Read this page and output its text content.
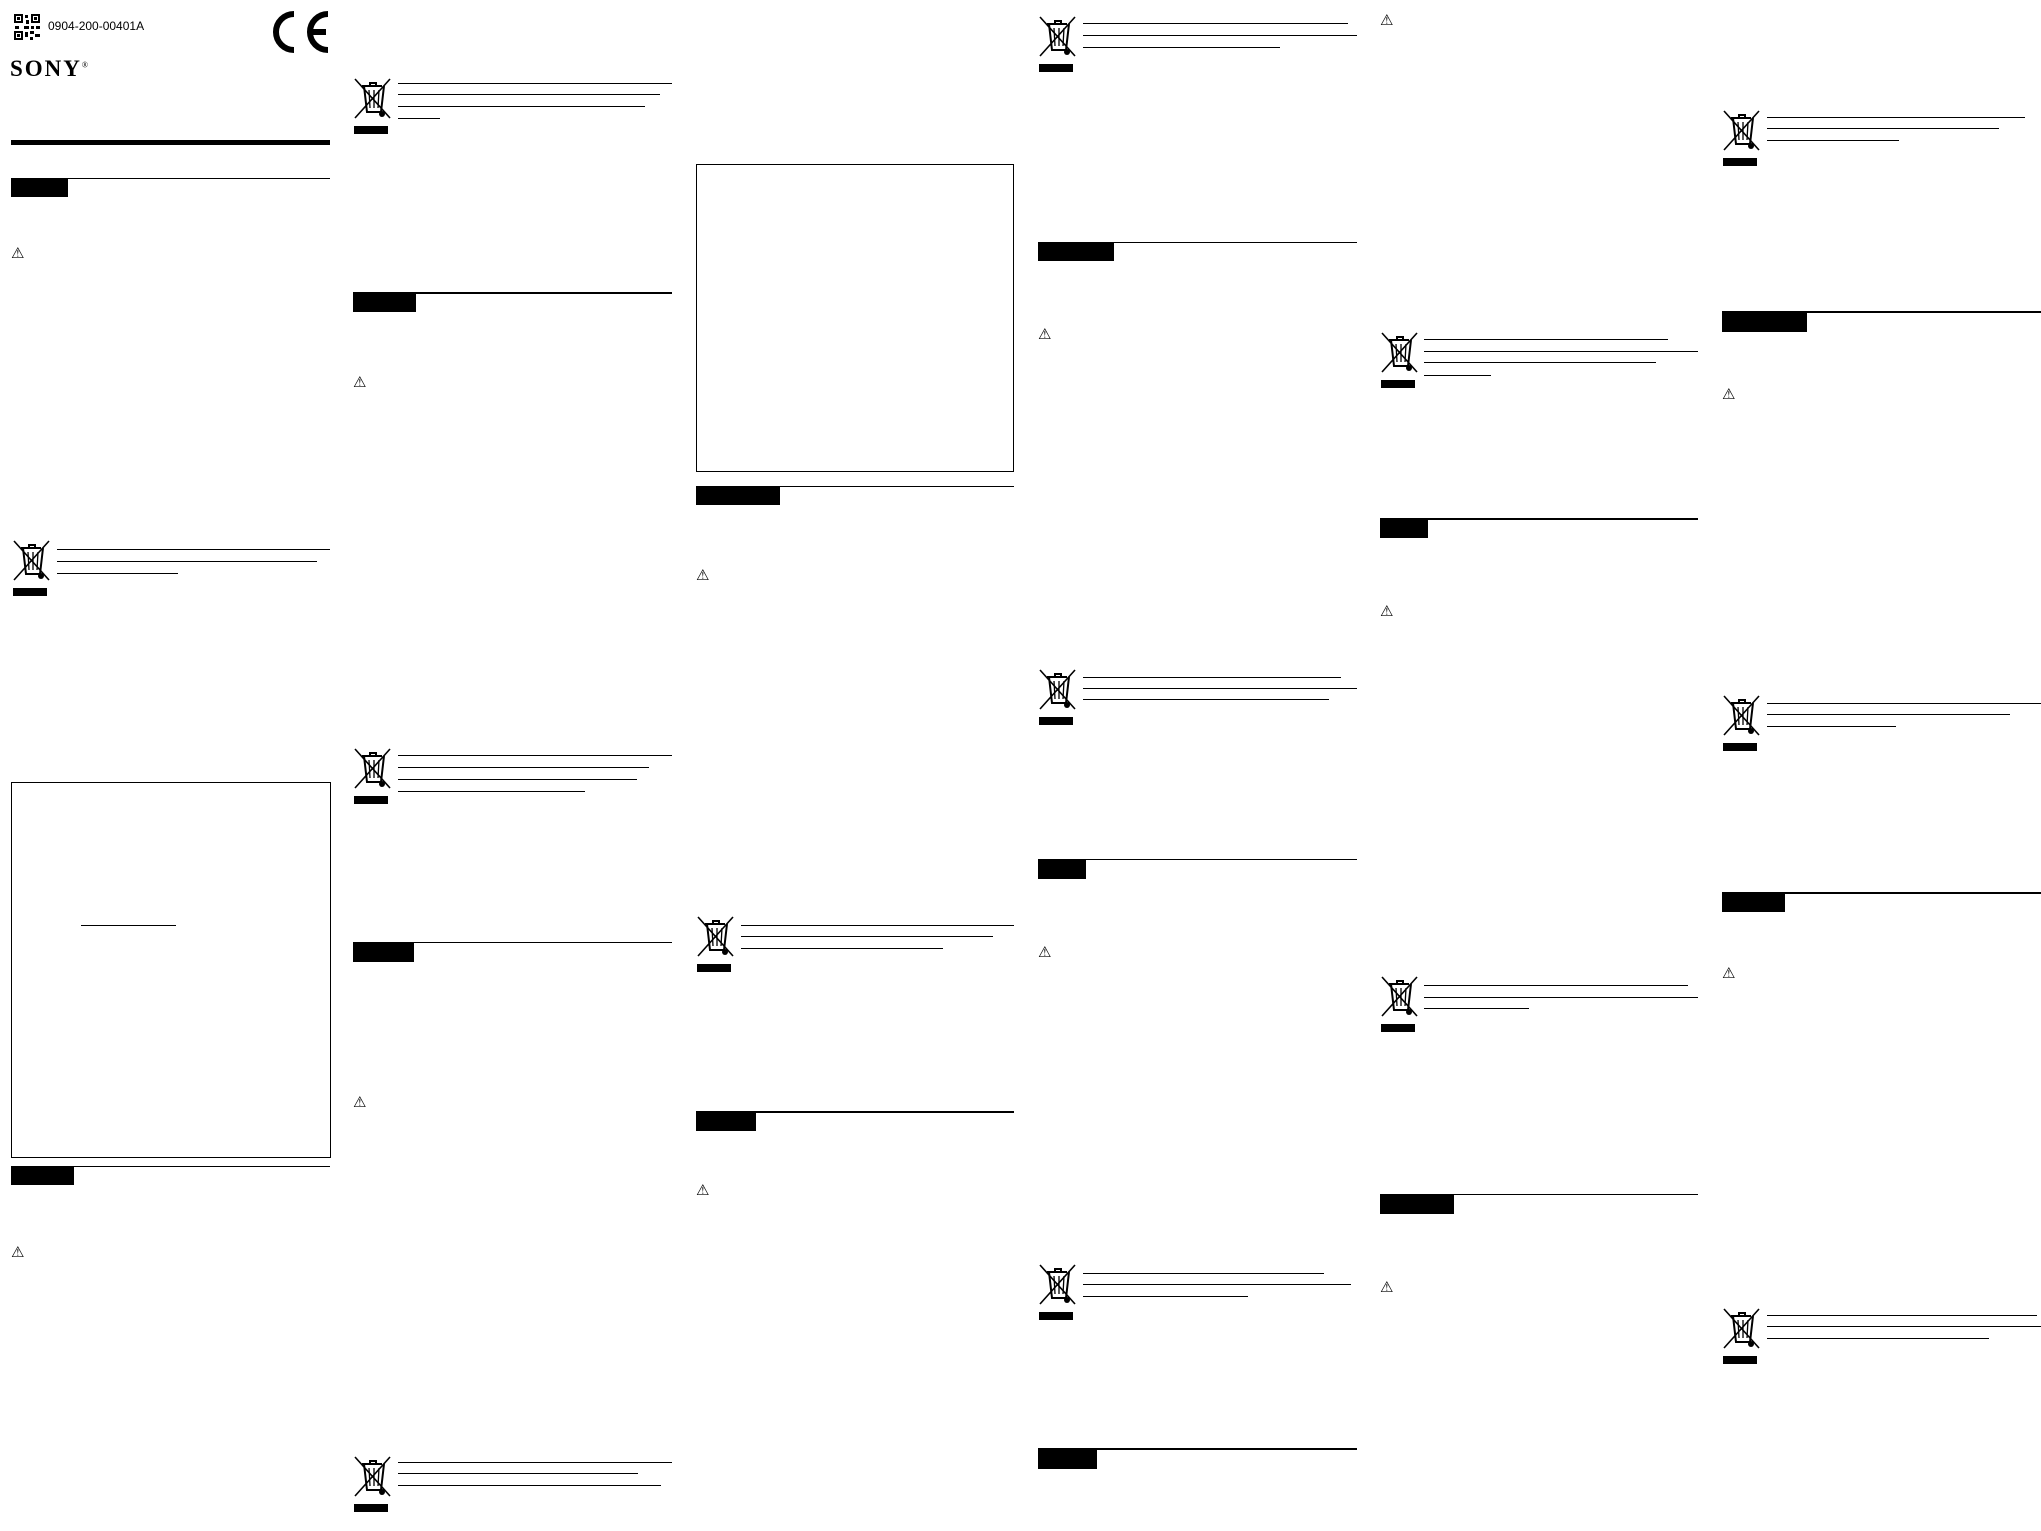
0904-200-00401A
SONY®
⚠
⚠
⚠
⚠
⚠
⚠
⚠
⚠
⚠
⚠
⚠
⚠
⚠
